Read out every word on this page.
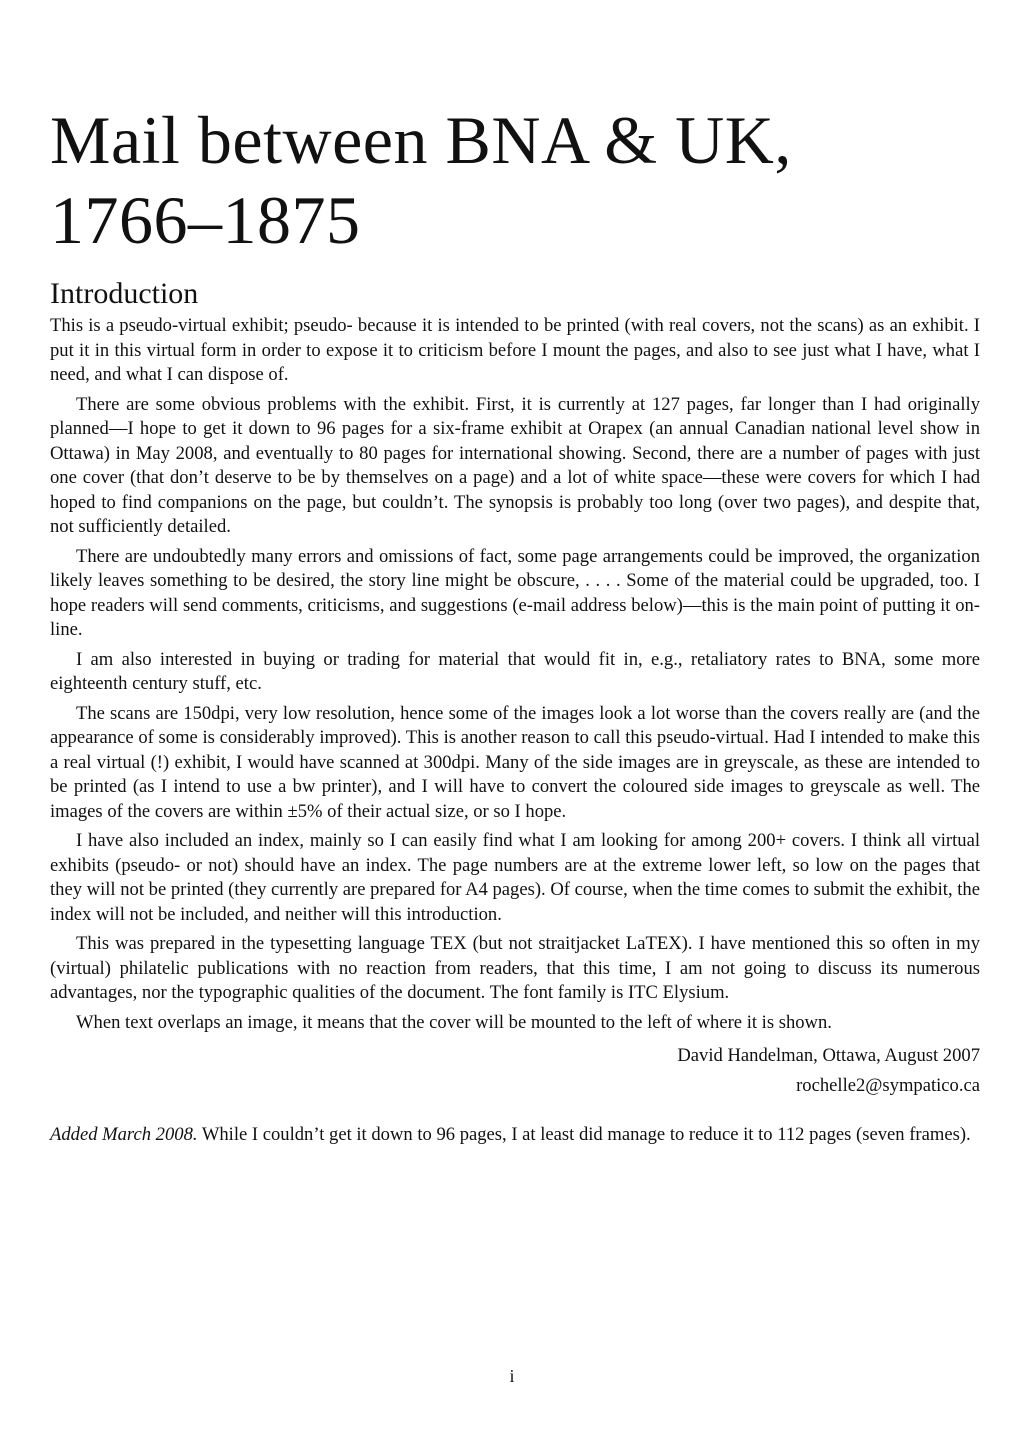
Mail between BNA & UK,
1766–1875
Introduction

This is a pseudo-virtual exhibit; pseudo- because it is intended to be printed (with real covers, not the scans) as an exhibit. I put it in this virtual form in order to expose it to criticism before I mount the pages, and also to see just what I have, what I need, and what I can dispose of.

There are some obvious problems with the exhibit. First, it is currently at 127 pages, far longer than I had originally planned—I hope to get it down to 96 pages for a six-frame exhibit at Orapex (an annual Canadian national level show in Ottawa) in May 2008, and eventually to 80 pages for international showing. Second, there are a number of pages with just one cover (that don’t deserve to be by themselves on a page) and a lot of white space—these were covers for which I had hoped to find companions on the page, but couldn’t. The synopsis is probably too long (over two pages), and despite that, not sufficiently detailed.

There are undoubtedly many errors and omissions of fact, some page arrangements could be improved, the organization likely leaves something to be desired, the story line might be obscure, . . . . Some of the material could be upgraded, too. I hope readers will send comments, criticisms, and suggestions (e-mail address below)—this is the main point of putting it on-line.

I am also interested in buying or trading for material that would fit in, e.g., retaliatory rates to BNA, some more eighteenth century stuff, etc.

The scans are 150dpi, very low resolution, hence some of the images look a lot worse than the covers really are (and the appearance of some is considerably improved). This is another reason to call this pseudo-virtual. Had I intended to make this a real virtual (!) exhibit, I would have scanned at 300dpi. Many of the side images are in greyscale, as these are intended to be printed (as I intend to use a bw printer), and I will have to convert the coloured side images to greyscale as well. The images of the covers are within ±5% of their actual size, or so I hope.

I have also included an index, mainly so I can easily find what I am looking for among 200+ covers. I think all virtual exhibits (pseudo- or not) should have an index. The page numbers are at the extreme lower left, so low on the pages that they will not be printed (they currently are prepared for A4 pages). Of course, when the time comes to submit the exhibit, the index will not be included, and neither will this introduction.

This was prepared in the typesetting language TEX (but not straitjacket LaTEX). I have mentioned this so often in my (virtual) philatelic publications with no reaction from readers, that this time, I am not going to discuss its numerous advantages, nor the typographic qualities of the document. The font family is ITC Elysium.

When text overlaps an image, it means that the cover will be mounted to the left of where it is shown.

David Handelman, Ottawa, August 2007
rochelle2@sympatico.ca

Added March 2008. While I couldn’t get it down to 96 pages, I at least did manage to reduce it to 112 pages (seven frames).

i
